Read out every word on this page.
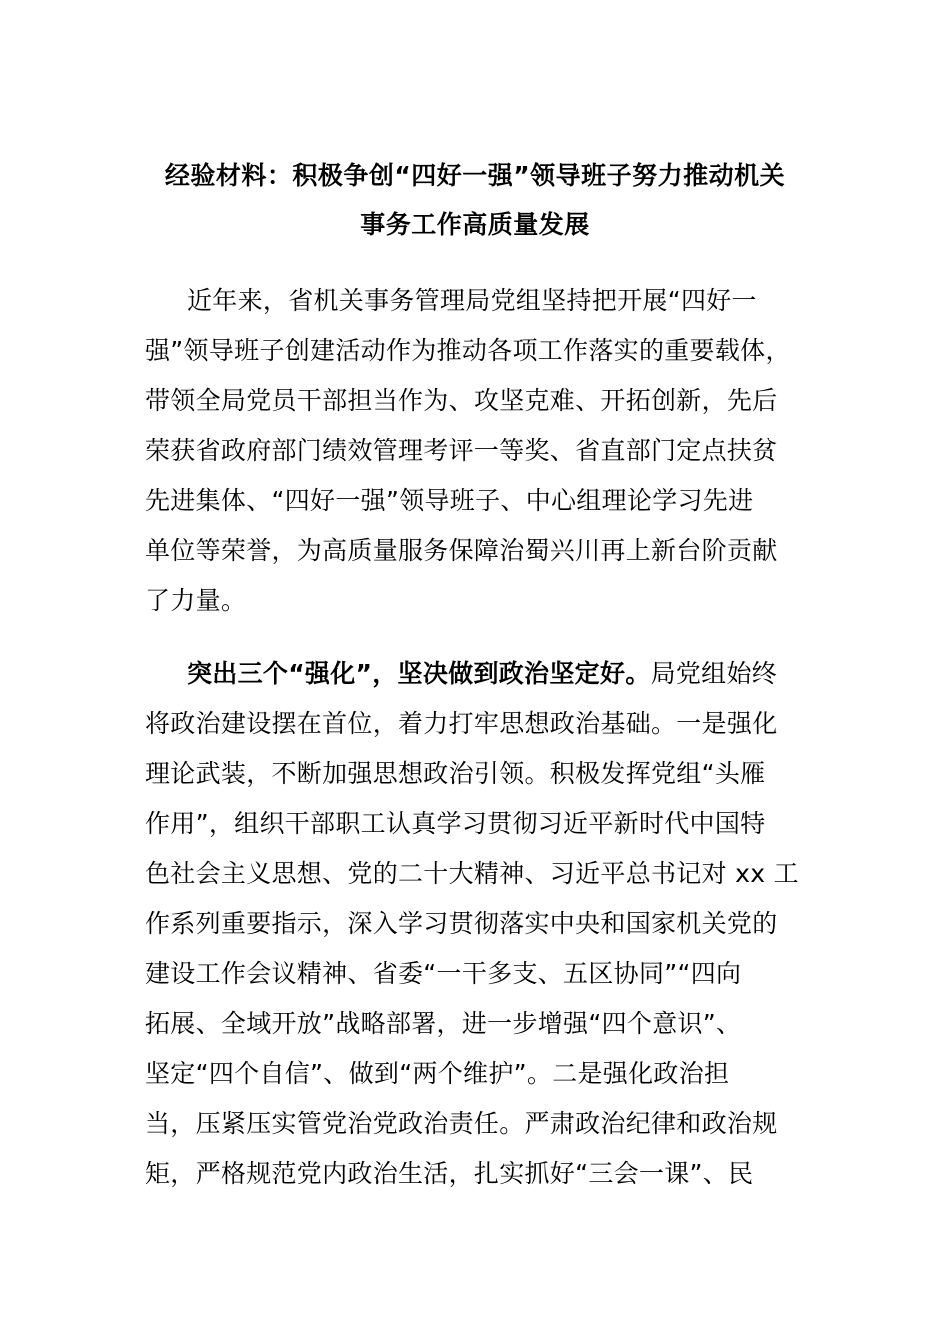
经验材料：积极争创“四好一强”领导班子努力推动机关
事务工作高质量发展
近年来，省机关事务管理局党组坚持把开展“四好一
强”领导班子创建活动作为推动各项工作落实的重要载体，
带领全局党员干部担当作为、攻坚克难、开拓创新，先后
荣获省政府部门绩效管理考评一等奖、省直部门定点扶贫
先进集体、“四好一强”领导班子、中心组理论学习先进
单位等荣誉，为高质量服务保障治蜀兴川再上新台阶贡献
了力量。
突出三个“强化”，坚决做到政治坚定好。局党组始终
将政治建设摆在首位，着力打牢思想政治基础。一是强化
理论武装，不断加强思想政治引领。积极发挥党组“头雁
作用”，组织干部职工认真学习贯彻习近平新时代中国特
色社会主义思想、党的二十大精神、习近平总书记对 xx 工
作系列重要指示，深入学习贯彻落实中央和国家机关党的
建设工作会议精神、省委“一干多支、五区协同”“四向
拓展、全域开放”战略部署，进一步增强“四个意识”、
坚定“四个自信”、做到“两个维护”。二是强化政治担
当，压紧压实管党治党政治责任。严肃政治纪律和政治规
矩，严格规范党内政治生活，扎实抓好“三会一课”、民
